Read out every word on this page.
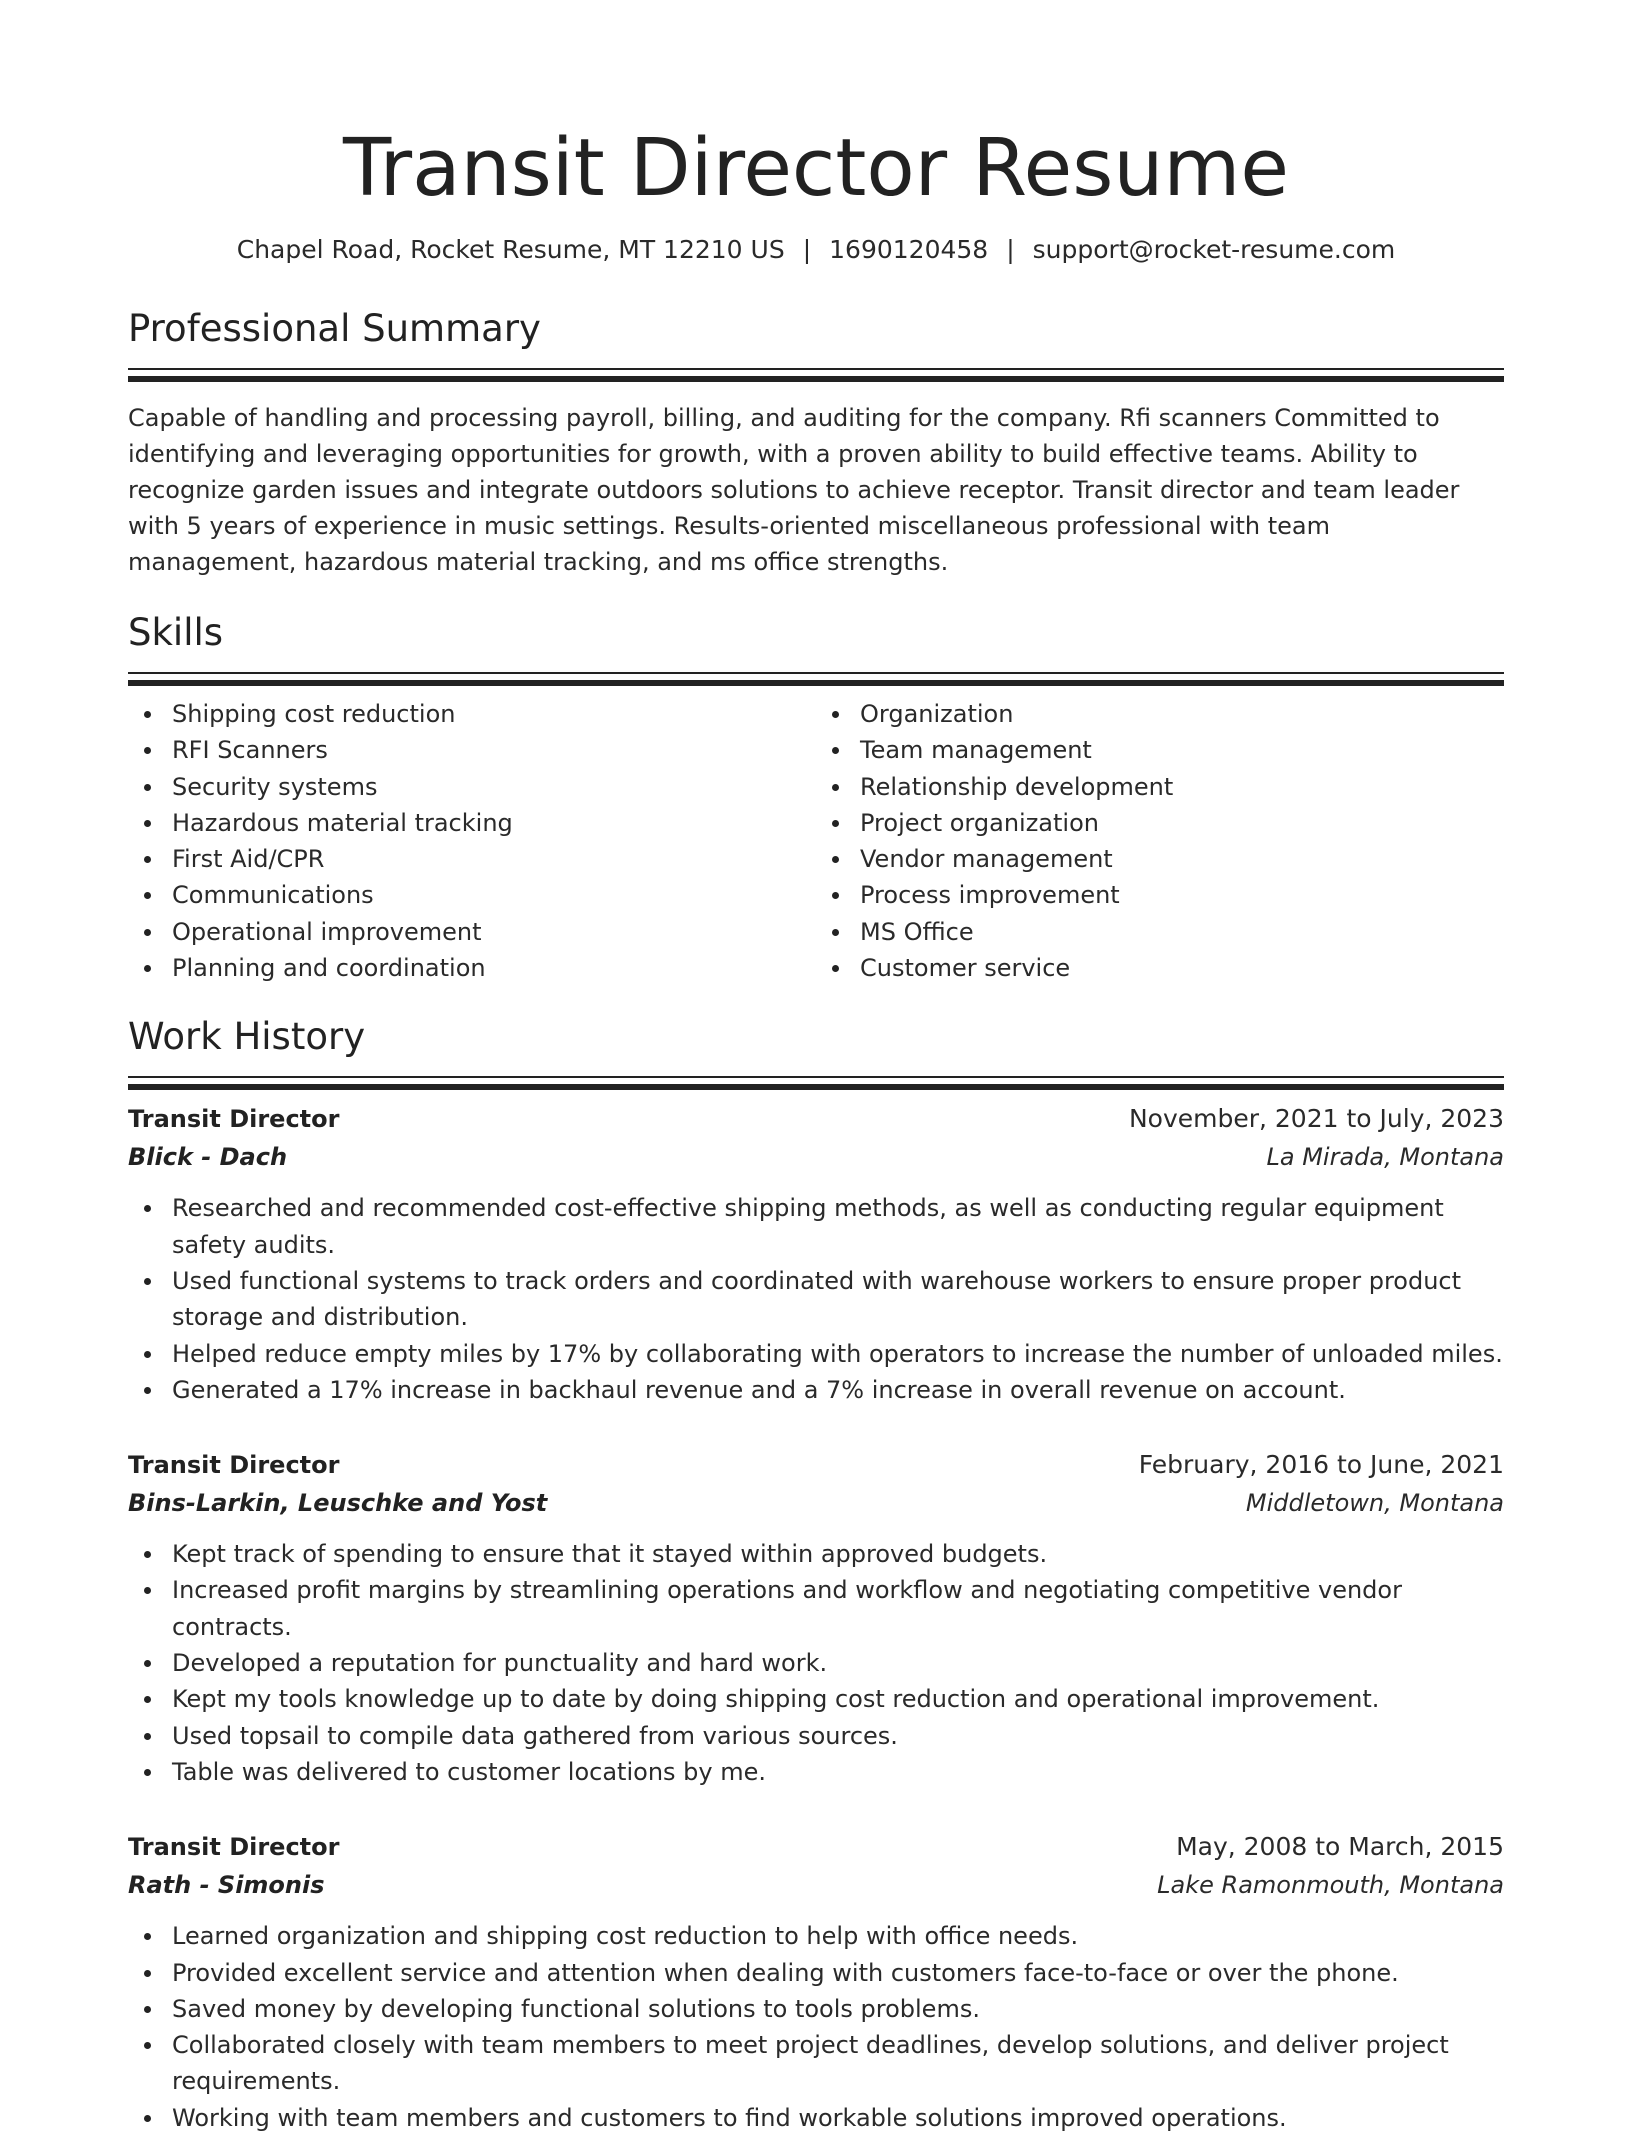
Transit Director Resume
Chapel Road, Rocket Resume, MT 12210 US | 1690120458 | support@rocket-resume.com
Professional Summary

Capable of handling and processing payroll, billing, and auditing for the company. Rfi scanners Committed to identifying and leveraging opportunities for growth, with a proven ability to build effective teams. Ability to recognize garden issues and integrate outdoors solutions to achieve receptor. Transit director and team leader with 5 years of experience in music settings. Results-oriented miscellaneous professional with team management, hazardous material tracking, and ms office strengths.

Skills
Shipping cost reduction
RFI Scanners
Security systems
Hazardous material tracking
First Aid/CPR
Communications
Operational improvement
Planning and coordination
Organization
Team management
Relationship development
Project organization
Vendor management
Process improvement
MS Office
Customer service
Work History
Transit Director	November, 2021 to July, 2023
Blick - Dach	La Mirada, Montana
Researched and recommended cost-effective shipping methods, as well as conducting regular equipment safety audits.
Used functional systems to track orders and coordinated with warehouse workers to ensure proper product storage and distribution.
Helped reduce empty miles by 17% by collaborating with operators to increase the number of unloaded miles.
Generated a 17% increase in backhaul revenue and a 7% increase in overall revenue on account.
Transit Director	February, 2016 to June, 2021
Bins-Larkin, Leuschke and Yost	Middletown, Montana
Kept track of spending to ensure that it stayed within approved budgets.
Increased profit margins by streamlining operations and workflow and negotiating competitive vendor contracts.
Developed a reputation for punctuality and hard work.
Kept my tools knowledge up to date by doing shipping cost reduction and operational improvement.
Used topsail to compile data gathered from various sources.
Table was delivered to customer locations by me.
Transit Director	May, 2008 to March, 2015
Rath - Simonis	Lake Ramonmouth, Montana
Learned organization and shipping cost reduction to help with office needs.
Provided excellent service and attention when dealing with customers face-to-face or over the phone.
Saved money by developing functional solutions to tools problems.
Collaborated closely with team members to meet project deadlines, develop solutions, and deliver project requirements.
Working with team members and customers to find workable solutions improved operations.
